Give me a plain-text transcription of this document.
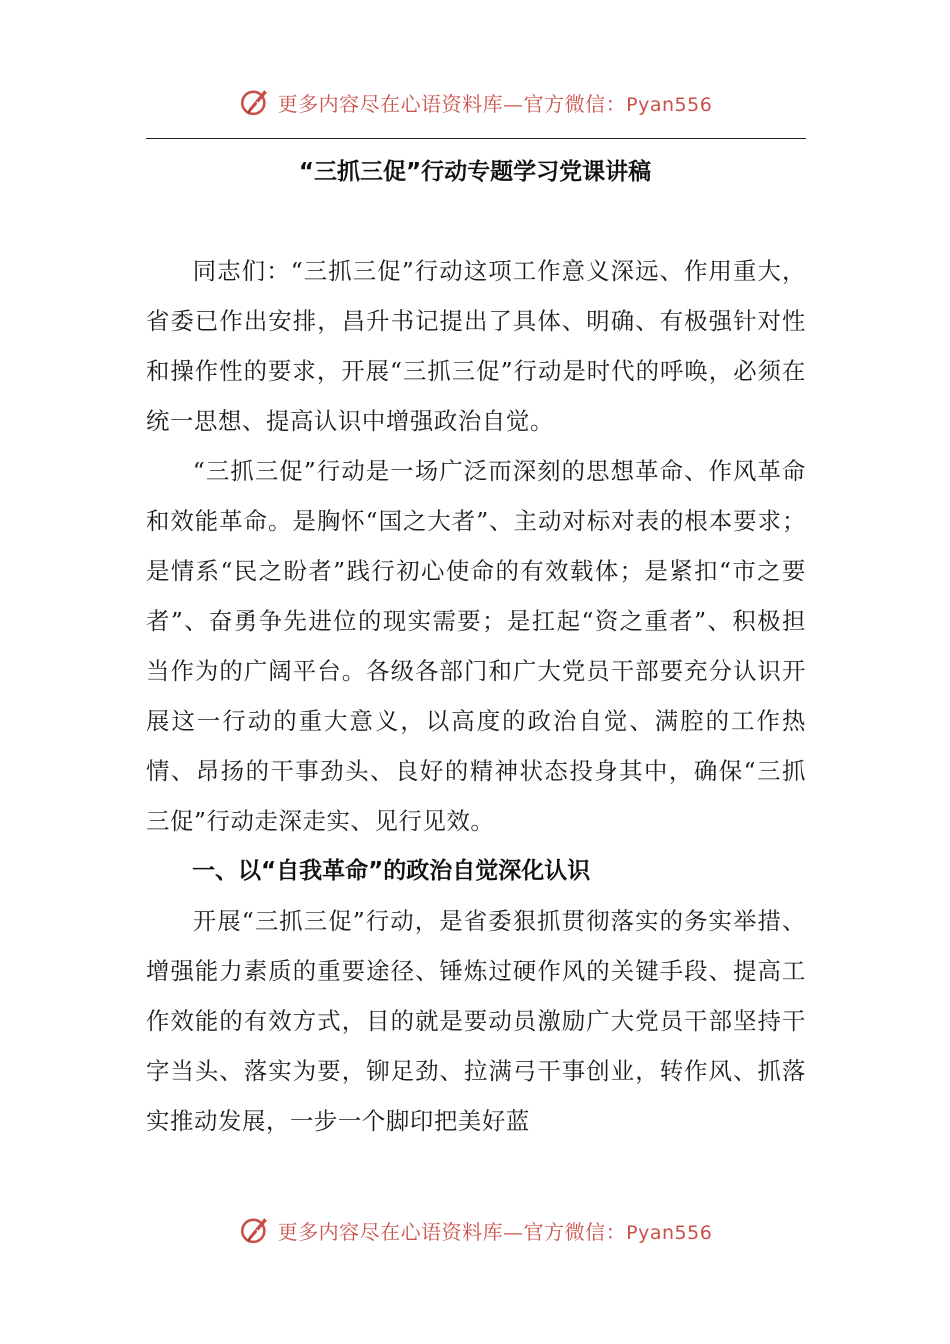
更多内容尽在心语资料库—官方微信：Pyan556
“三抓三促”行动专题学习党课讲稿

同志们：“三抓三促”行动这项工作意义深远、作用重大，省委已作出安排，昌升书记提出了具体、明确、有极强针对性和操作性的要求，开展“三抓三促”行动是时代的呼唤，必须在统一思想、提高认识中增强政治自觉。

“三抓三促”行动是一场广泛而深刻的思想革命、作风革命和效能革命。是胸怀“国之大者”、主动对标对表的根本要求；是情系“民之盼者”践行初心使命的有效载体；是紧扣“市之要者”、奋勇争先进位的现实需要；是扛起“资之重者”、积极担当作为的广阔平台。各级各部门和广大党员干部要充分认识开展这一行动的重大意义，以高度的政治自觉、满腔的工作热情、昂扬的干事劲头、良好的精神状态投身其中，确保“三抓三促”行动走深走实、见行见效。

一、以“自我革命”的政治自觉深化认识

开展“三抓三促”行动，是省委狠抓贯彻落实的务实举措、增强能力素质的重要途径、锤炼过硬作风的关键手段、提高工作效能的有效方式，目的就是要动员激励广大党员干部坚持干字当头、落实为要，铆足劲、拉满弓干事创业，转作风、抓落实推动发展，一步一个脚印把美好蓝

更多内容尽在心语资料库—官方微信：Pyan556
